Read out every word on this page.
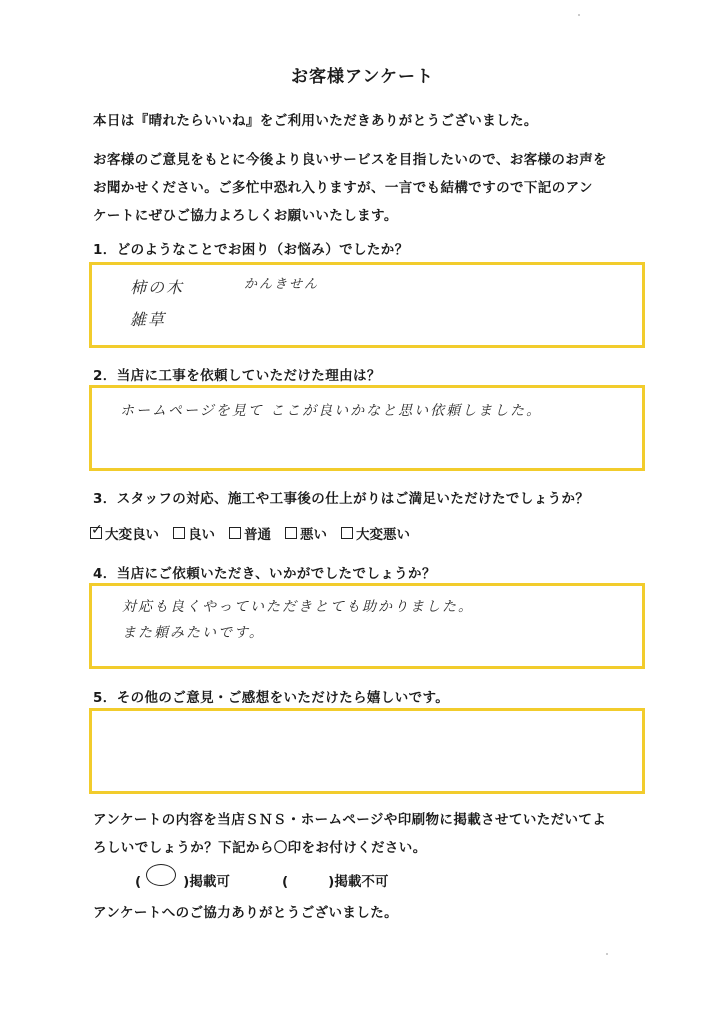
お客様アンケート
本日は『晴れたらいいね』をご利用いただきありがとうございました。
お客様のご意見をもとに今後より良いサービスを目指したいので、お客様のお声を
お聞かせください。ご多忙中恐れ入りますが、一言でも結構ですので下記のアン
ケートにぜひご協力よろしくお願いいたします。
1．どのようなことでお困り（お悩み）でしたか？
柿の木	かんきせん
雑草
2．当店に工事を依頼していただけた理由は？
ホームページを見て ここが良いかなと思い依頼しました。
3．スタッフの対応、施工や工事後の仕上がりはご満足いただけたでしょうか？
✓ 大変良い 良い 普通 悪い 大変悪い
4．当店にご依頼いただき、いかがでしたでしょうか？
対応も良くやっていただきとても助かりました。
また頼みたいです。
5．その他のご意見・ご感想をいただけたら嬉しいです。
アンケートの内容を当店ＳＮＳ・ホームページや印刷物に掲載させていただいてよ
ろしいでしょうか？下記から〇印をお付けください。
(	)掲載可	(	)掲載不可
アンケートへのご協力ありがとうございました。
